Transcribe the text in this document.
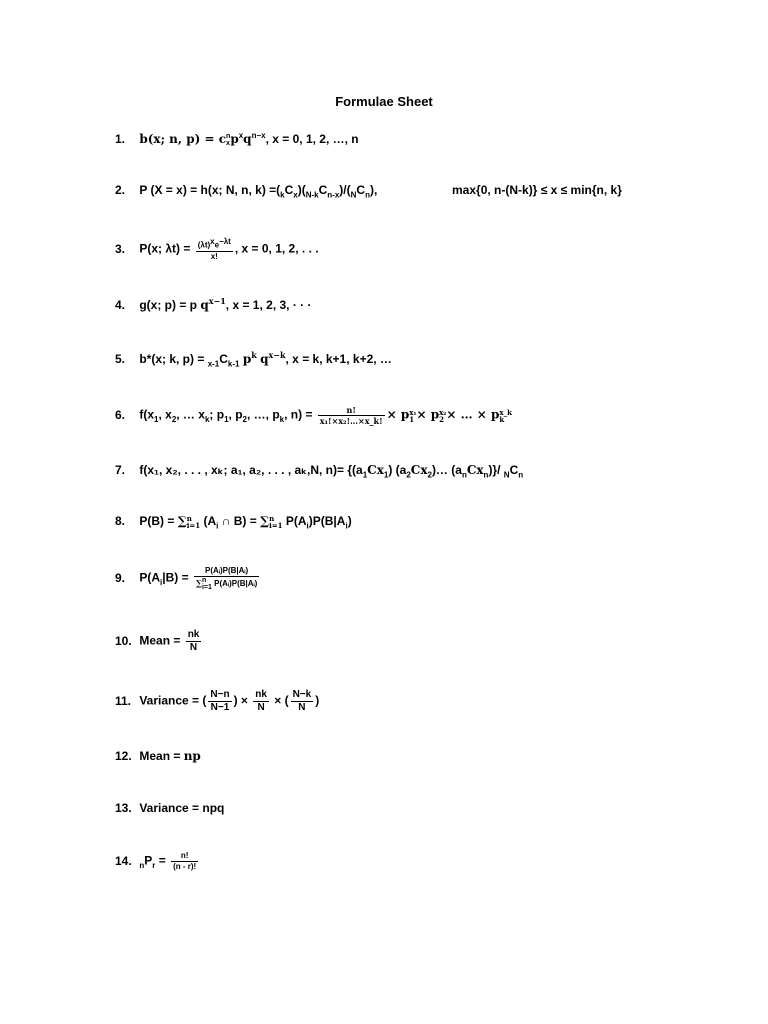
Formulae Sheet
1. b(x; n, p) = c n
x $p^xq^{n-x}$, x = 0, 1, 2, …, n
2. P (X = x) = h(x; N, n, $k) =(_kC_x)(_{N-k}C_{n-x})/(_NC_n)$,	max{0, n-(N-k)} ≤ x ≤ min{n, k}
3. P(x; $\lambda t) = \frac{(\lambda t)^xe^{-\lambda t}}{x!}$ , x = 0, 1, 2, . . .
4. g(x; p) = p $q^{x-1}$, x = 1, 2, 3, · · ·
5. b*(x; k, $p) = _{x-1}C_{k-1}$ $p^k$ $q^{x-k}$, x = k, k+1, k+2, …
6. $f(x_1$, $x_2$, … $x_k$; $p_1$, $p_2$, …, $p_k$, $n) = \frac{n!}{\text{x₁!×x₂!…×x\_k!}} \times p$ x₁
1 × p x₂
2 × … × p x_k
k
7. f(x₁, x₂, . . . , xₖ; a₁, a₂, . . . , aₖ,N, $n)= \{(a_1Cx_1)$ $(a_2Cx_2)\dots$ $(a_nCx_n)\}/$ $_NC_n$
8. P(B) = ∑ n
i=1 ($A_i$ ∩ B) = ∑ n
i=1 $P(A_i)P(B|A_i)$
9. $P(A_i|B)$ = P(Aᵢ)P(B|Aᵢ)
∑ n
i=1 P(Aᵢ)P(B|Aᵢ)
10. Mean = $\frac{nk}{N}$
11. Variance = ( $\frac{N-n}{N-1}$ ) × $\frac{nk}{N}$ × ( $\frac{N-k}{N}$ )
12. Mean = np
13. Variance = npq
14. $_nP_r = \frac{n!}{(n - r)!}$
